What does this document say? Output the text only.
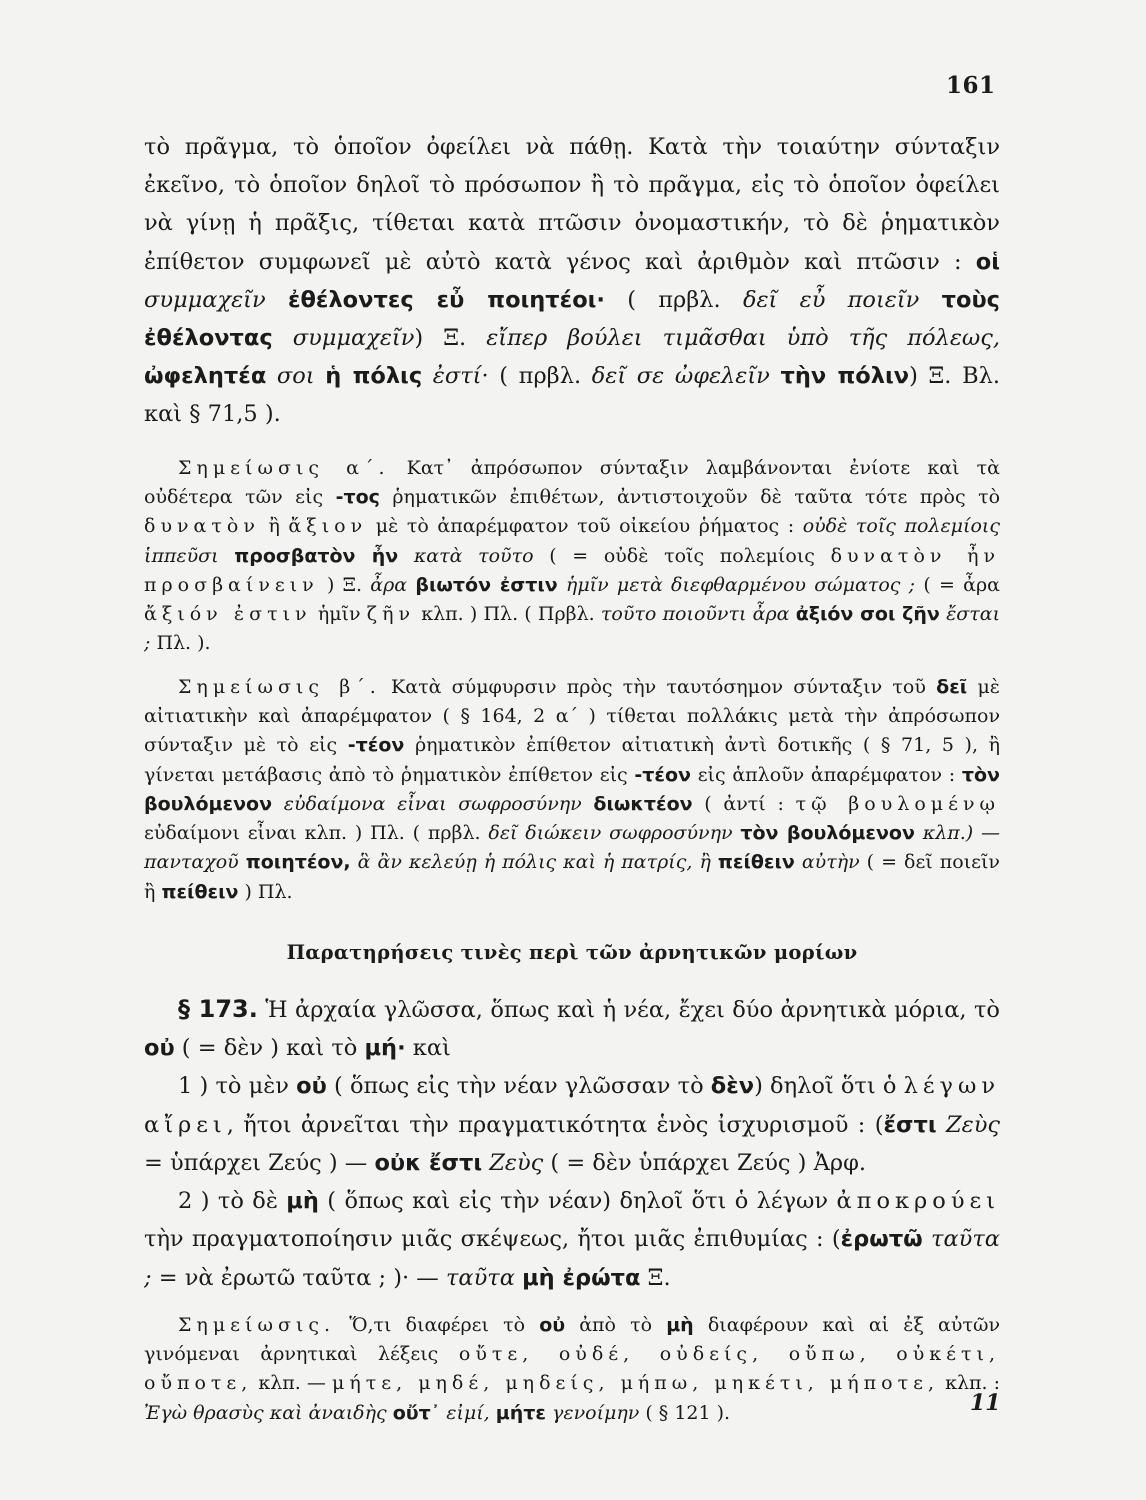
161

τὸ πρᾶγμα, τὸ ὁποῖον ὀφείλει νὰ πάθῃ. Κατὰ τὴν τοιαύτην σύνταξιν ἐκεῖνο, τὸ ὁποῖον δηλοῖ τὸ πρόσωπον ἢ τὸ πρᾶγμα, εἰς τὸ ὁποῖον ὀφείλει νὰ γίνῃ ἡ πρᾶξις, τίθεται κατὰ πτῶσιν ὀνομαστικήν, τὸ δὲ ῥηματικὸν ἐπίθετον συμφωνεῖ μὲ αὐτὸ κατὰ γένος καὶ ἀριθμὸν καὶ πτῶσιν : οἱ συμμαχεῖν ἐθέλοντες εὖ ποιητέοι· ( πρβλ. δεῖ εὖ ποιεῖν τοὺς ἐθέλοντας συμμαχεῖν) Ξ. εἴπερ βούλει τιμᾶσθαι ὑπὸ τῆς πόλεως, ὠφελητέα σοι ἡ πόλις ἐστί· ( πρβλ. δεῖ σε ὠφελεῖν τὴν πόλιν) Ξ. Βλ. καὶ § 71,5 ).

Σημείωσις α΄. Κατ᾽ ἀπρόσωπον σύνταξιν λαμβάνονται ἐνίοτε καὶ τὰ οὐδέτερα τῶν εἰς -τος ῥηματικῶν ἐπιθέτων, ἀντιστοιχοῦν δὲ ταῦτα τότε πρὸς τὸ δυνατὸν ἢ ἄξιον μὲ τὸ ἀπαρέμφατον τοῦ οἰκείου ῥήματος : οὐδὲ τοῖς πολεμίοις ἱππεῦσι προσβατὸν ἦν κατὰ τοῦτο ( = οὐδὲ τοῖς πολεμίοις δυνατὸν ἦν προσβαίνειν ) Ξ. ἆρα βιωτόν ἐστιν ἡμῖν μετὰ διεφθαρμένου σώματος ; ( = ἆρα ἄξιόν ἐστιν ἡμῖν ζῆν κλπ. ) Πλ. ( Πρβλ. τοῦτο ποιοῦντι ἆρα ἀξιόν σοι ζῆν ἔσται ; Πλ. ).

Σημείωσις β΄. Κατὰ σύμφυρσιν πρὸς τὴν ταυτόσημον σύνταξιν τοῦ δεῖ μὲ αἰτιατικὴν καὶ ἀπαρέμφατον ( § 164, 2 α΄ ) τίθεται πολλάκις μετὰ τὴν ἀπρόσωπον σύνταξιν μὲ τὸ εἰς -τέον ῥηματικὸν ἐπίθετον αἰτιατικὴ ἀντὶ δοτικῆς ( § 71, 5 ), ἢ γίνεται μετάβασις ἀπὸ τὸ ῥηματικὸν ἐπίθετον εἰς -τέον εἰς ἁπλοῦν ἀπαρέμφατον : τὸν βουλόμενον εὐδαίμονα εἶναι σωφροσύνην διωκτέον ( ἀντί : τῷ βουλομένῳ εὐδαίμονι εἶναι κλπ. ) Πλ. ( πρβλ. δεῖ διώκειν σωφροσύνην τὸν βουλόμενον κλπ.) — πανταχοῦ ποιητέον, ἃ ἂν κελεύῃ ἡ πόλις καὶ ἡ πατρίς, ἢ πείθειν αὐτὴν ( = δεῖ ποιεῖν ἢ πείθειν ) Πλ.

Παρατηρήσεις τινὲς περὶ τῶν ἀρνητικῶν μορίων

§ 173. Ἡ ἀρχαία γλῶσσα, ὅπως καὶ ἡ νέα, ἔχει δύο ἀρνητικὰ μόρια, τὸ οὐ ( = δὲν ) καὶ τὸ μή· καὶ

1 ) τὸ μὲν οὐ ( ὅπως εἰς τὴν νέαν γλῶσσαν τὸ δὲν) δηλοῖ ὅτι ὁ λέγων αἴρει, ἤτοι ἀρνεῖται τὴν πραγματικότητα ἑνὸς ἰσχυρισμοῦ : (ἔστι Ζεὺς = ὑπάρχει Ζεύς ) — οὐκ ἔστι Ζεὺς ( = δὲν ὑπάρχει Ζεύς ) Ἀρφ.

2 ) τὸ δὲ μὴ ( ὅπως καὶ εἰς τὴν νέαν) δηλοῖ ὅτι ὁ λέγων ἀποκρούει τὴν πραγματοποίησιν μιᾶς σκέψεως, ἤτοι μιᾶς ἐπιθυμίας : (ἐρωτῶ ταῦτα ; = νὰ ἐρωτῶ ταῦτα ; )· — ταῦτα μὴ ἐρώτα Ξ.

Σημείωσις. Ὅ,τι διαφέρει τὸ οὐ ἀπὸ τὸ μὴ διαφέρουν καὶ αἱ ἐξ αὐτῶν γινόμεναι ἀρνητικαὶ λέξεις οὔτε, οὐδέ, οὐδείς, οὔπω, οὐκέτι, οὔποτε, κλπ. — μήτε, μηδέ, μηδείς, μήπω, μηκέτι, μήποτε, κλπ. : Ἐγὼ θρασὺς καὶ ἀναιδὴς οὔτ᾽ εἰμί, μήτε γενοίμην ( § 121 ).	11
